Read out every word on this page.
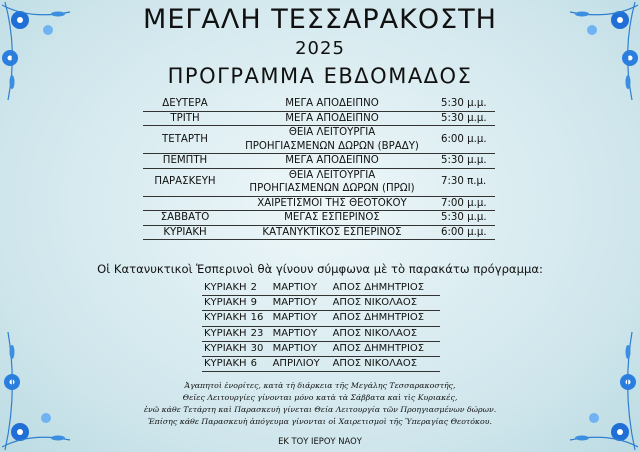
ΜΕΓΑΛΗ ΤΕΣΣΑΡΑΚΟΣΤΗ
2025
ΠΡΟΓΡΑΜΜΑ ΕΒΔΟΜΑΔΟΣ
ΔΕΥΤΕΡΑ	ΜΕΓΑ ΑΠΟΔΕΙΠΝΟ	5:30 μ.μ.
ΤΡΙΤΗ	ΜΕΓΑ ΑΠΟΔΕΙΠΝΟ	5:30 μ.μ.
ΤΕΤΑΡΤΗ	ΘΕΙΑ ΛΕΙΤΟΥΡΓΙΑ
ΠΡΟΗΓΙΑΣΜΕΝΩΝ ΔΩΡΩΝ (ΒΡΑΔΥ)	6:00 μ.μ.
ΠΕΜΠΤΗ	ΜΕΓΑ ΑΠΟΔΕΙΠΝΟ	5:30 μ.μ.
ΠΑΡΑΣΚΕΥΗ	ΘΕΙΑ ΛΕΙΤΟΥΡΓΙΑ
ΠΡΟΗΓΙΑΣΜΕΝΩΝ ΔΩΡΩΝ (ΠΡΩΙ)	7:30 π.μ.

	ΧΑΙΡΕΤΙΣΜΟΙ ΤΗΣ ΘΕΟΤΟΚΟΥ	7:00 μ.μ.
ΣΑΒΒΑΤΟ	ΜΕΓΑΣ ΕΣΠΕΡΙΝΟΣ	5:30 μ.μ.
ΚΥΡΙΑΚΗ	ΚΑΤΑΝΥΚΤΙΚΟΣ ΕΣΠΕΡΙΝΟΣ	6:00 μ.μ.
Οἱ Κατανυκτικοὶ Ἑσπερινοὶ θὰ γίνουν σύμφωνα μὲ τὸ παρακάτω πρόγραμμα:
ΚΥΡΙΑΚΗ	2	ΜΑΡΤΙΟΥ	ΑΠΟΣ ΔΗΜΗΤΡΙΟΣ
ΚΥΡΙΑΚΗ	9	ΜΑΡΤΙΟΥ	ΑΠΟΣ ΝΙΚΟΛΑΟΣ
ΚΥΡΙΑΚΗ	16	ΜΑΡΤΙΟΥ	ΑΠΟΣ ΔΗΜΗΤΡΙΟΣ
ΚΥΡΙΑΚΗ	23	ΜΑΡΤΙΟΥ	ΑΠΟΣ ΝΙΚΟΛΑΟΣ
ΚΥΡΙΑΚΗ	30	ΜΑΡΤΙΟΥ	ΑΠΟΣ ΔΗΜΗΤΡΙΟΣ
ΚΥΡΙΑΚΗ	6	ΑΠΡΙΛΙΟΥ	ΑΠΟΣ ΝΙΚΟΛΑΟΣ
Ἀγαπητοὶ ἐνορίτες, κατὰ τὴ διάρκεια τῆς Μεγάλης Τεσσαρακοστῆς,
Θεῖες Λειτουργίες γίνονται μόνο κατὰ τὰ Σάββατα καὶ τὶς Κυριακές,
ἐνῶ κάθε Τετάρτη καὶ Παρασκευὴ γίνεται Θεία Λειτουργία τῶν Προηγιασμένων δώρων.
Ἐπίσης κάθε Παρασκευὴ ἀπόγευμα γίνονται οἱ Χαιρετισμοὶ τῆς Ὑπεραγίας Θεοτόκου.
ΕΚ ΤΟΥ ΙΕΡΟΥ ΝΑΟΥ
